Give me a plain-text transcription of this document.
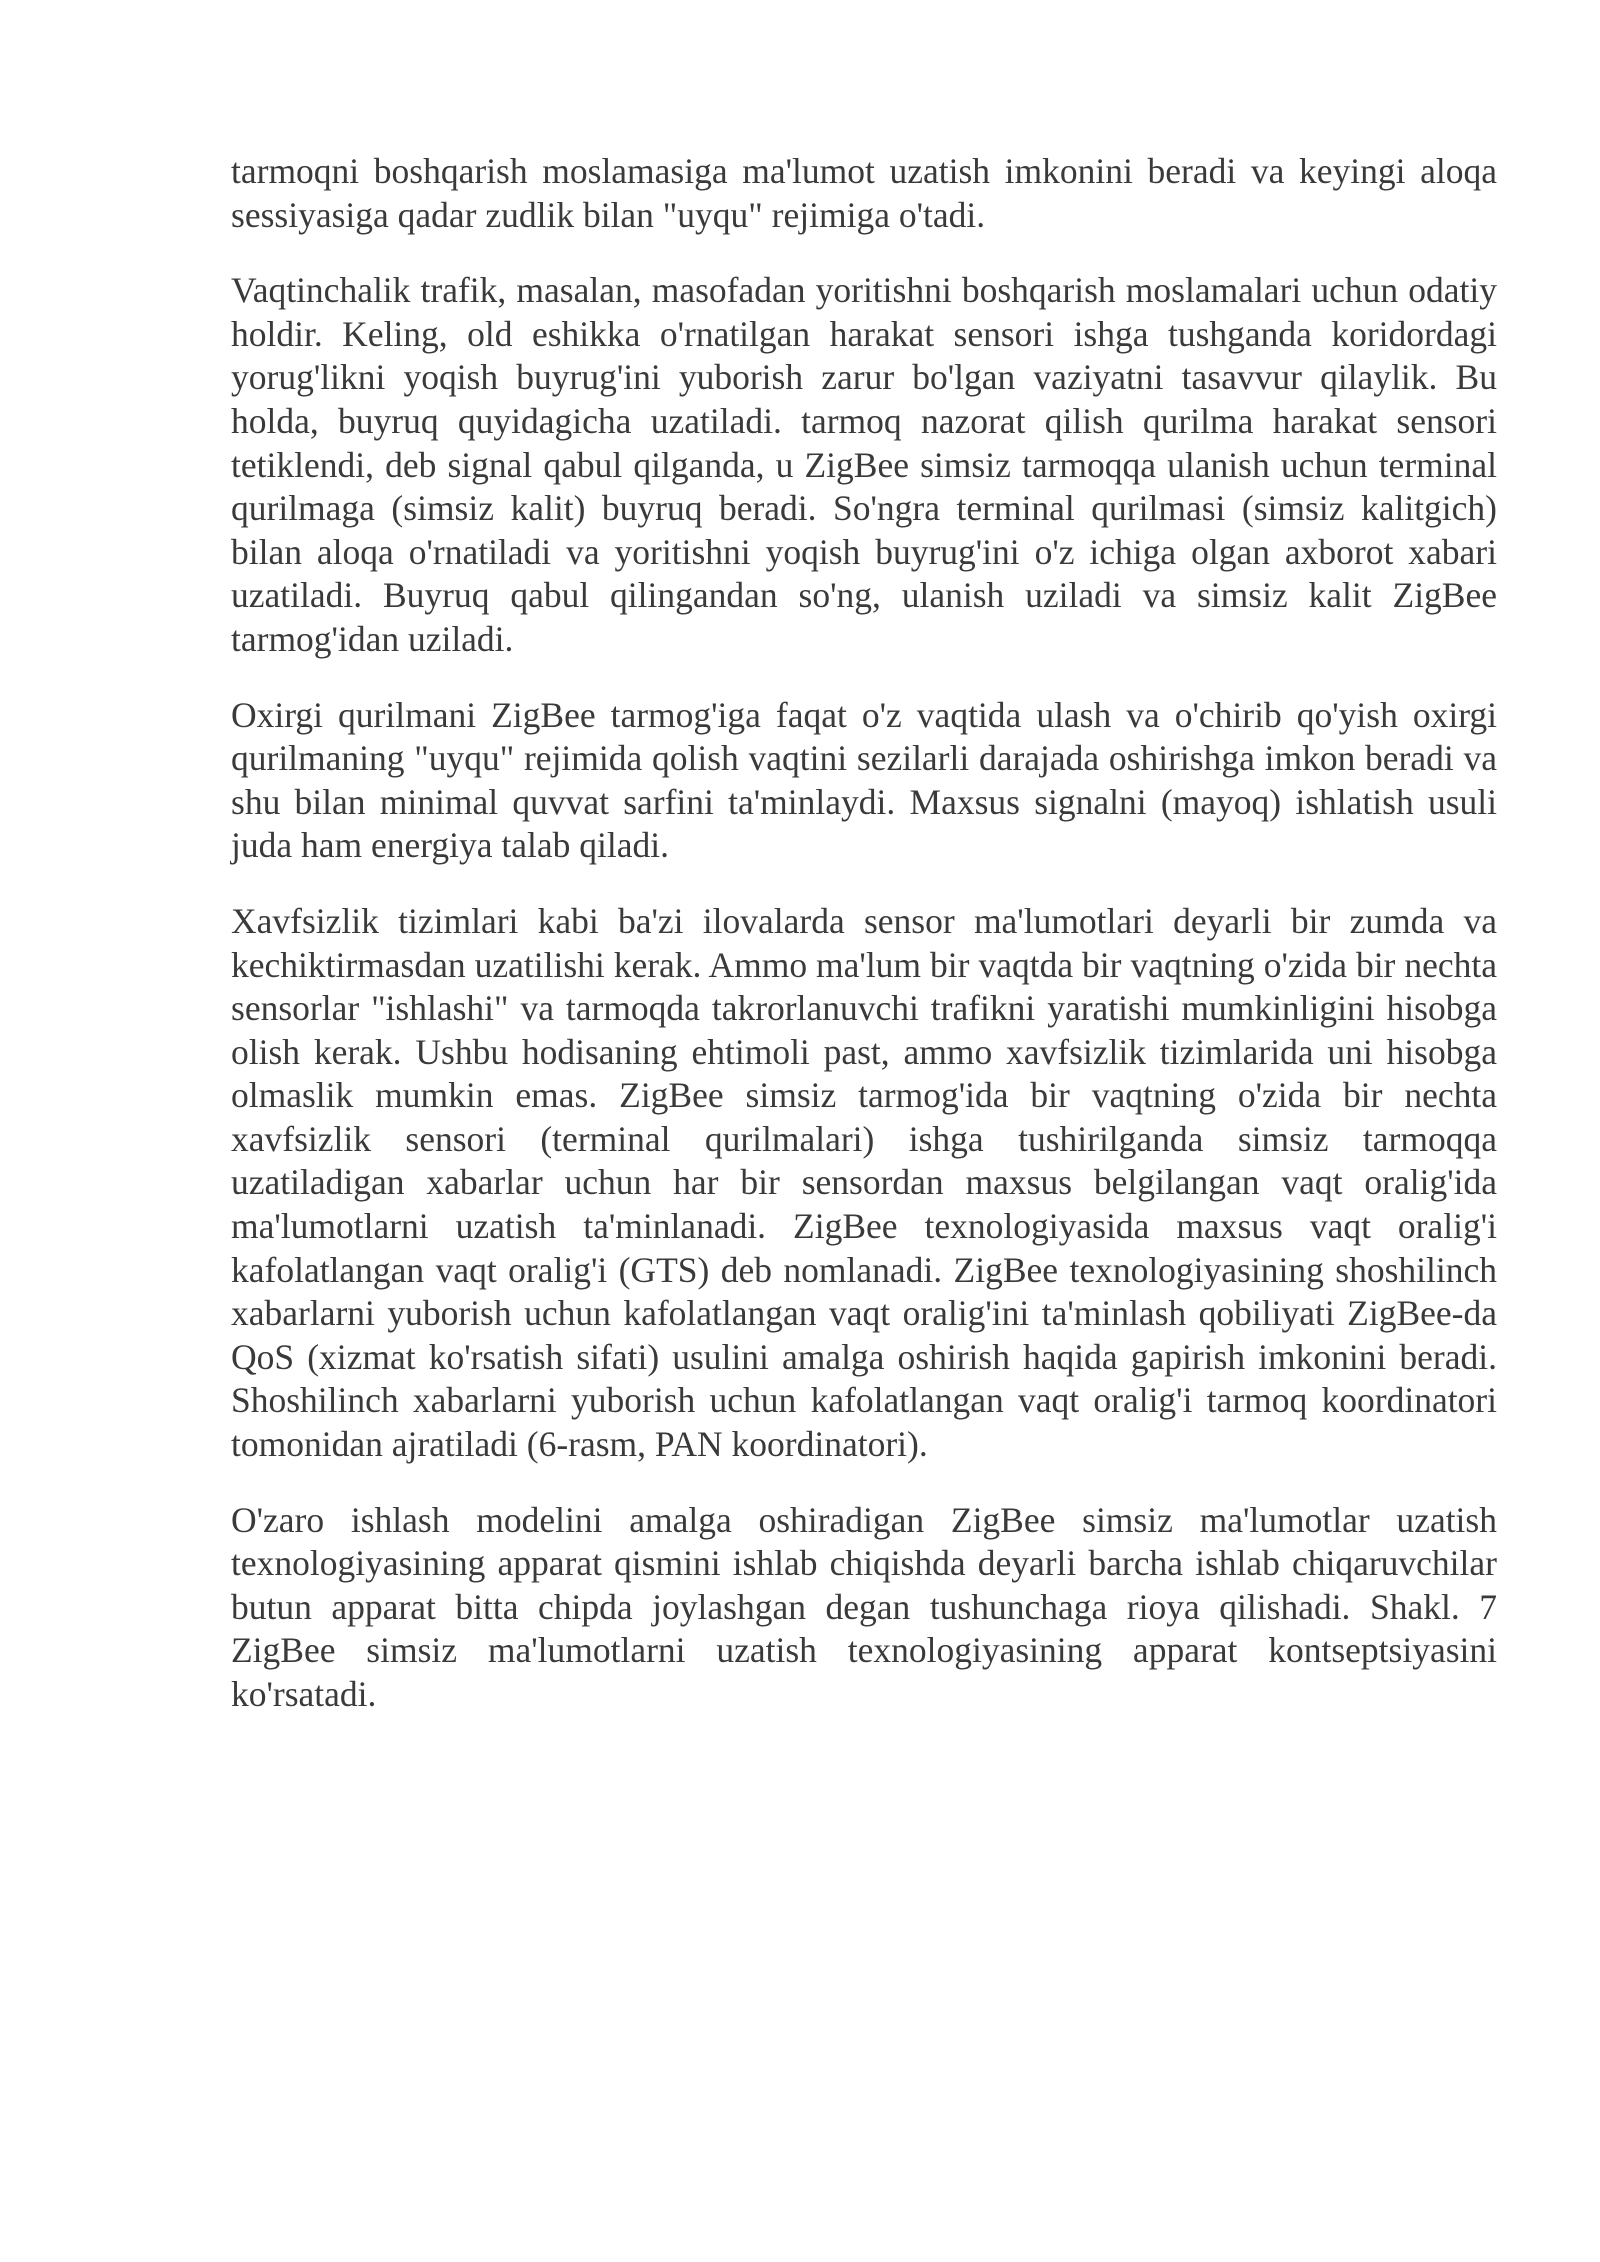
tarmoqni boshqarish moslamasiga ma'lumot uzatish imkonini beradi va keyingi aloqa sessiyasiga qadar zudlik bilan "uyqu" rejimiga o'tadi.

Vaqtinchalik trafik, masalan, masofadan yoritishni boshqarish moslamalari uchun odatiy holdir. Keling, old eshikka o'rnatilgan harakat sensori ishga tushganda koridordagi yorug'likni yoqish buyrug'ini yuborish zarur bo'lgan vaziyatni tasavvur qilaylik. Bu holda, buyruq quyidagicha uzatiladi. tarmoq nazorat qilish qurilma harakat sensori tetiklendi, deb signal qabul qilganda, u ZigBee simsiz tarmoqqa ulanish uchun terminal qurilmaga (simsiz kalit) buyruq beradi. So'ngra terminal qurilmasi (simsiz kalitgich) bilan aloqa o'rnatiladi va yoritishni yoqish buyrug'ini o'z ichiga olgan axborot xabari uzatiladi. Buyruq qabul qilingandan so'ng, ulanish uziladi va simsiz kalit ZigBee tarmog'idan uziladi.

Oxirgi qurilmani ZigBee tarmog'iga faqat o'z vaqtida ulash va o'chirib qo'yish oxirgi qurilmaning "uyqu" rejimida qolish vaqtini sezilarli darajada oshirishga imkon beradi va shu bilan minimal quvvat sarfini ta'minlaydi. Maxsus signalni (mayoq) ishlatish usuli juda ham energiya talab qiladi.

Xavfsizlik tizimlari kabi ba'zi ilovalarda sensor ma'lumotlari deyarli bir zumda va kechiktirmasdan uzatilishi kerak. Ammo ma'lum bir vaqtda bir vaqtning o'zida bir nechta sensorlar "ishlashi" va tarmoqda takrorlanuvchi trafikni yaratishi mumkinligini hisobga olish kerak. Ushbu hodisaning ehtimoli past, ammo xavfsizlik tizimlarida uni hisobga olmaslik mumkin emas. ZigBee simsiz tarmog'ida bir vaqtning o'zida bir nechta xavfsizlik sensori (terminal qurilmalari) ishga tushirilganda simsiz tarmoqqa uzatiladigan xabarlar uchun har bir sensordan maxsus belgilangan vaqt oralig'ida ma'lumotlarni uzatish ta'minlanadi. ZigBee texnologiyasida maxsus vaqt oralig'i kafolatlangan vaqt oralig'i (GTS) deb nomlanadi. ZigBee texnologiyasining shoshilinch xabarlarni yuborish uchun kafolatlangan vaqt oralig'ini ta'minlash qobiliyati ZigBee-da QoS (xizmat ko'rsatish sifati) usulini amalga oshirish haqida gapirish imkonini beradi. Shoshilinch xabarlarni yuborish uchun kafolatlangan vaqt oralig'i tarmoq koordinatori tomonidan ajratiladi (6-rasm, PAN koordinatori).

O'zaro ishlash modelini amalga oshiradigan ZigBee simsiz ma'lumotlar uzatish texnologiyasining apparat qismini ishlab chiqishda deyarli barcha ishlab chiqaruvchilar butun apparat bitta chipda joylashgan degan tushunchaga rioya qilishadi. Shakl. 7 ZigBee simsiz ma'lumotlarni uzatish texnologiyasining apparat kontseptsiyasini ko'rsatadi.
